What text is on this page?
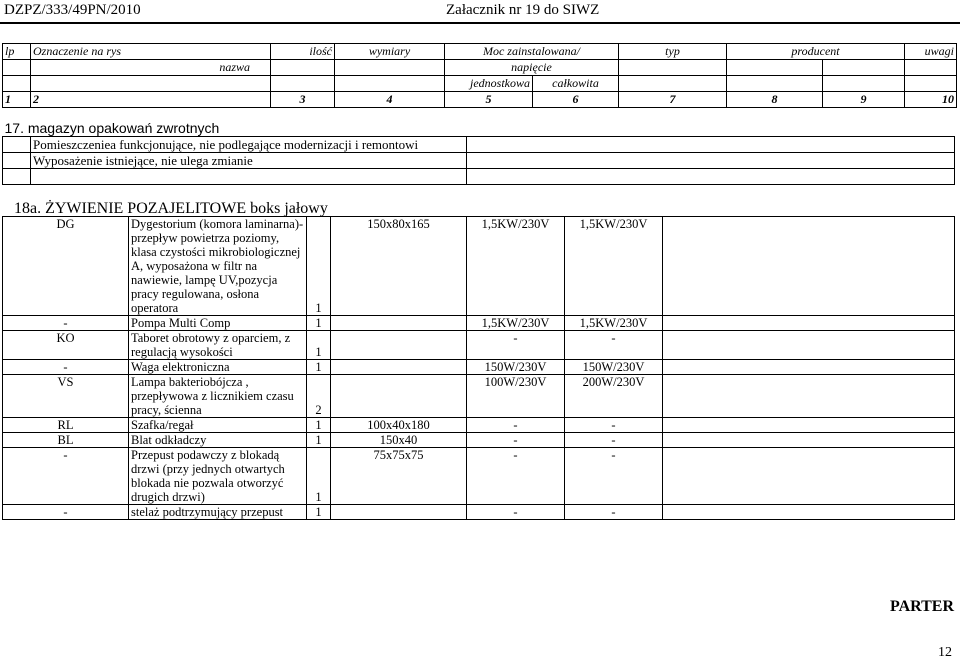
DZPZ/333/49PN/2010	Załacznik nr 19 do SIWZ
lp	Oznaczenie na rys	ilość	wymiary	Moc zainstalowana/		typ	producent		uwagi
	nazwa			napięcie					
				jednostkowa	całkowita				
1	2	3	4	5	6	7	8	9	10
17. magazyn opakowań zwrotnych		
	Pomieszczeniea funkcjonujące, nie podlegające modernizacji i remontowi	
	Wyposażenie istniejące, nie ulega zmianie	

18a. ŻYWIENIE POZAJELITOWE boks jałowy
DG	Dygestorium (komora laminarna)- przepływ powietrza poziomy, klasa czystości mikrobiologicznej A, wyposażona w filtr na nawiewie, lampę UV,pozycja pracy regulowana, osłona operatora	1	150x80x165	1,5KW/230V	1,5KW/230V	
-	Pompa Multi Comp	1		1,5KW/230V	1,5KW/230V	
KO	Taboret obrotowy z oparciem, z regulacją wysokości	1		-	-	
-	Waga elektroniczna	1		150W/230V	150W/230V	
VS	Lampa bakteriobójcza , przepływowa z licznikiem czasu pracy, ścienna	2		100W/230V	200W/230V	
RL	Szafka/regał	1	100x40x180	-	-	
BL	Blat odkładczy	1	150x40	-	-	
-	Przepust podawczy z blokadą drzwi (przy jednych otwartych blokada nie pozwala otworzyć drugich drzwi)	1	75x75x75	-	-	
-	stelaż podtrzymujący przepust	1		-	-	
PARTER
12
